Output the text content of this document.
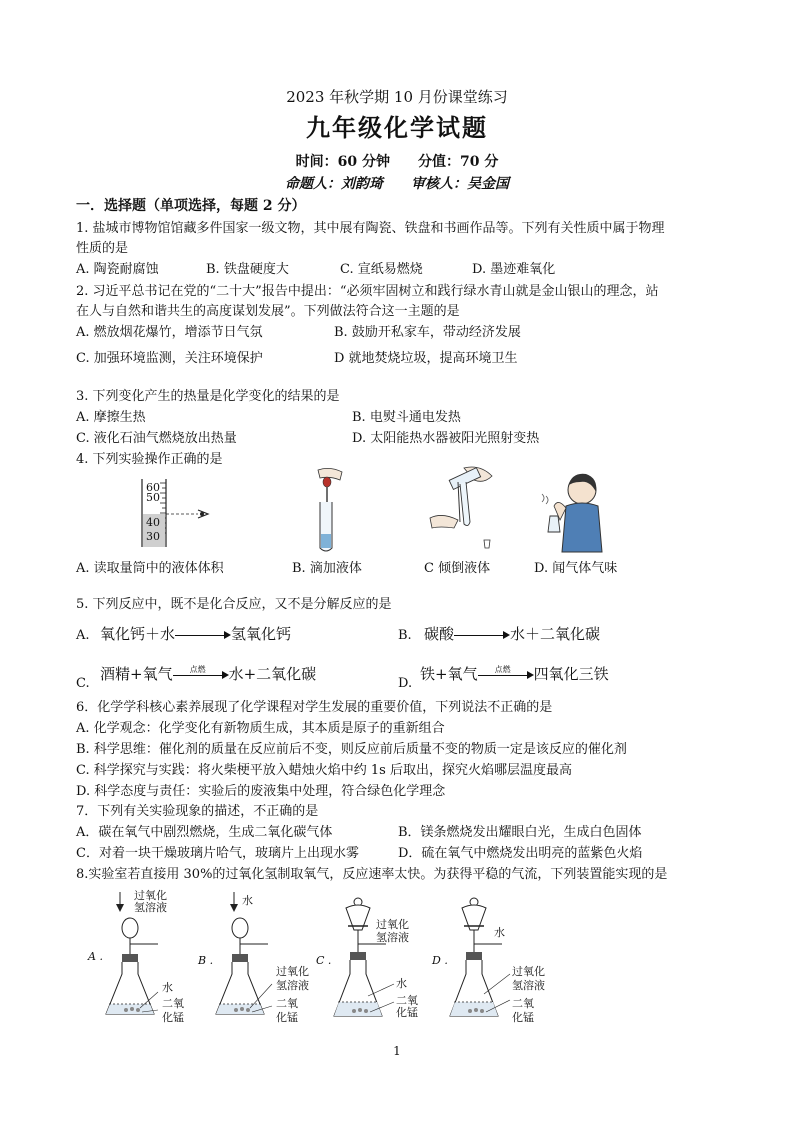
2023 年秋学期 10 月份课堂练习
九年级化学试题
时间：60 分钟　　分值：70 分
命题人：刘韵琦　　审核人：吴金国
一．选择题（单项选择，每题 2 分）
1. 盐城市博物馆馆藏多件国家一级文物，其中展有陶瓷、铁盘和书画作品等。下列有关性质中属于物理
性质的是
A. 陶瓷耐腐蚀	B. 铁盘硬度大	C. 宣纸易燃烧	D. 墨迹难氧化
2. 习近平总书记在党的“二十大”报告中提出：“必须牢固树立和践行绿水青山就是金山银山的理念，站
在人与自然和谐共生的高度谋划发展”。下列做法符合这一主题的是
A. 燃放烟花爆竹，增添节日气氛	B. 鼓励开私家车，带动经济发展
C. 加强环境监测，关注环境保护	D 就地焚烧垃圾，提高环境卫生
3. 下列变化产生的热量是化学变化的结果的是
A. 摩擦生热	B. 电熨斗通电发热
C. 液化石油气燃烧放出热量	D. 太阳能热水器被阳光照射变热
4. 下列实验操作正确的是
60
50
40
30
A. 读取量筒中的液体体积	B. 滴加液体	C 倾倒液体	D. 闻气体气味
5. 下列反应中，既不是化合反应，又不是分解反应的是
A. 氧化钙＋水	氢氧化钙	B. 碳酸	水＋二氧化碳
C.
酒精+氧气	点燃	水+二氧化碳
D.
铁+氧气	点燃	四氧化三铁
6．化学学科核心素养展现了化学课程对学生发展的重要价值，下列说法不正确的是
A. 化学观念：化学变化有新物质生成，其本质是原子的重新组合
B. 科学思维：催化剂的质量在反应前后不变，则反应前后质量不变的物质一定是该反应的催化剂
C. 科学探究与实践：将火柴梗平放入蜡烛火焰中约 1s 后取出，探究火焰哪层温度最高
D. 科学态度与责任：实验后的废液集中处理，符合绿色化学理念
7．下列有关实验现象的描述，不正确的是
A．碳在氧气中剧烈燃烧，生成二氧化碳气体	B．镁条燃烧发出耀眼白光，生成白色固体
C．对着一块干燥玻璃片哈气，玻璃片上出现水雾	D．硫在氧气中燃烧发出明亮的蓝紫色火焰
8.实验室若直接用 30%的过氧化氢制取氧气，反应速率太快。为获得平稳的气流，下列装置能实现的是
A .
过氧化
氢溶液
水
二氧
化锰
B .
水
过氧化
氢溶液
二氧
化锰
C .
过氧化
氢溶液
水
二氧
化锰
D .
水
过氧化
氢溶液
二氧
化锰
1
